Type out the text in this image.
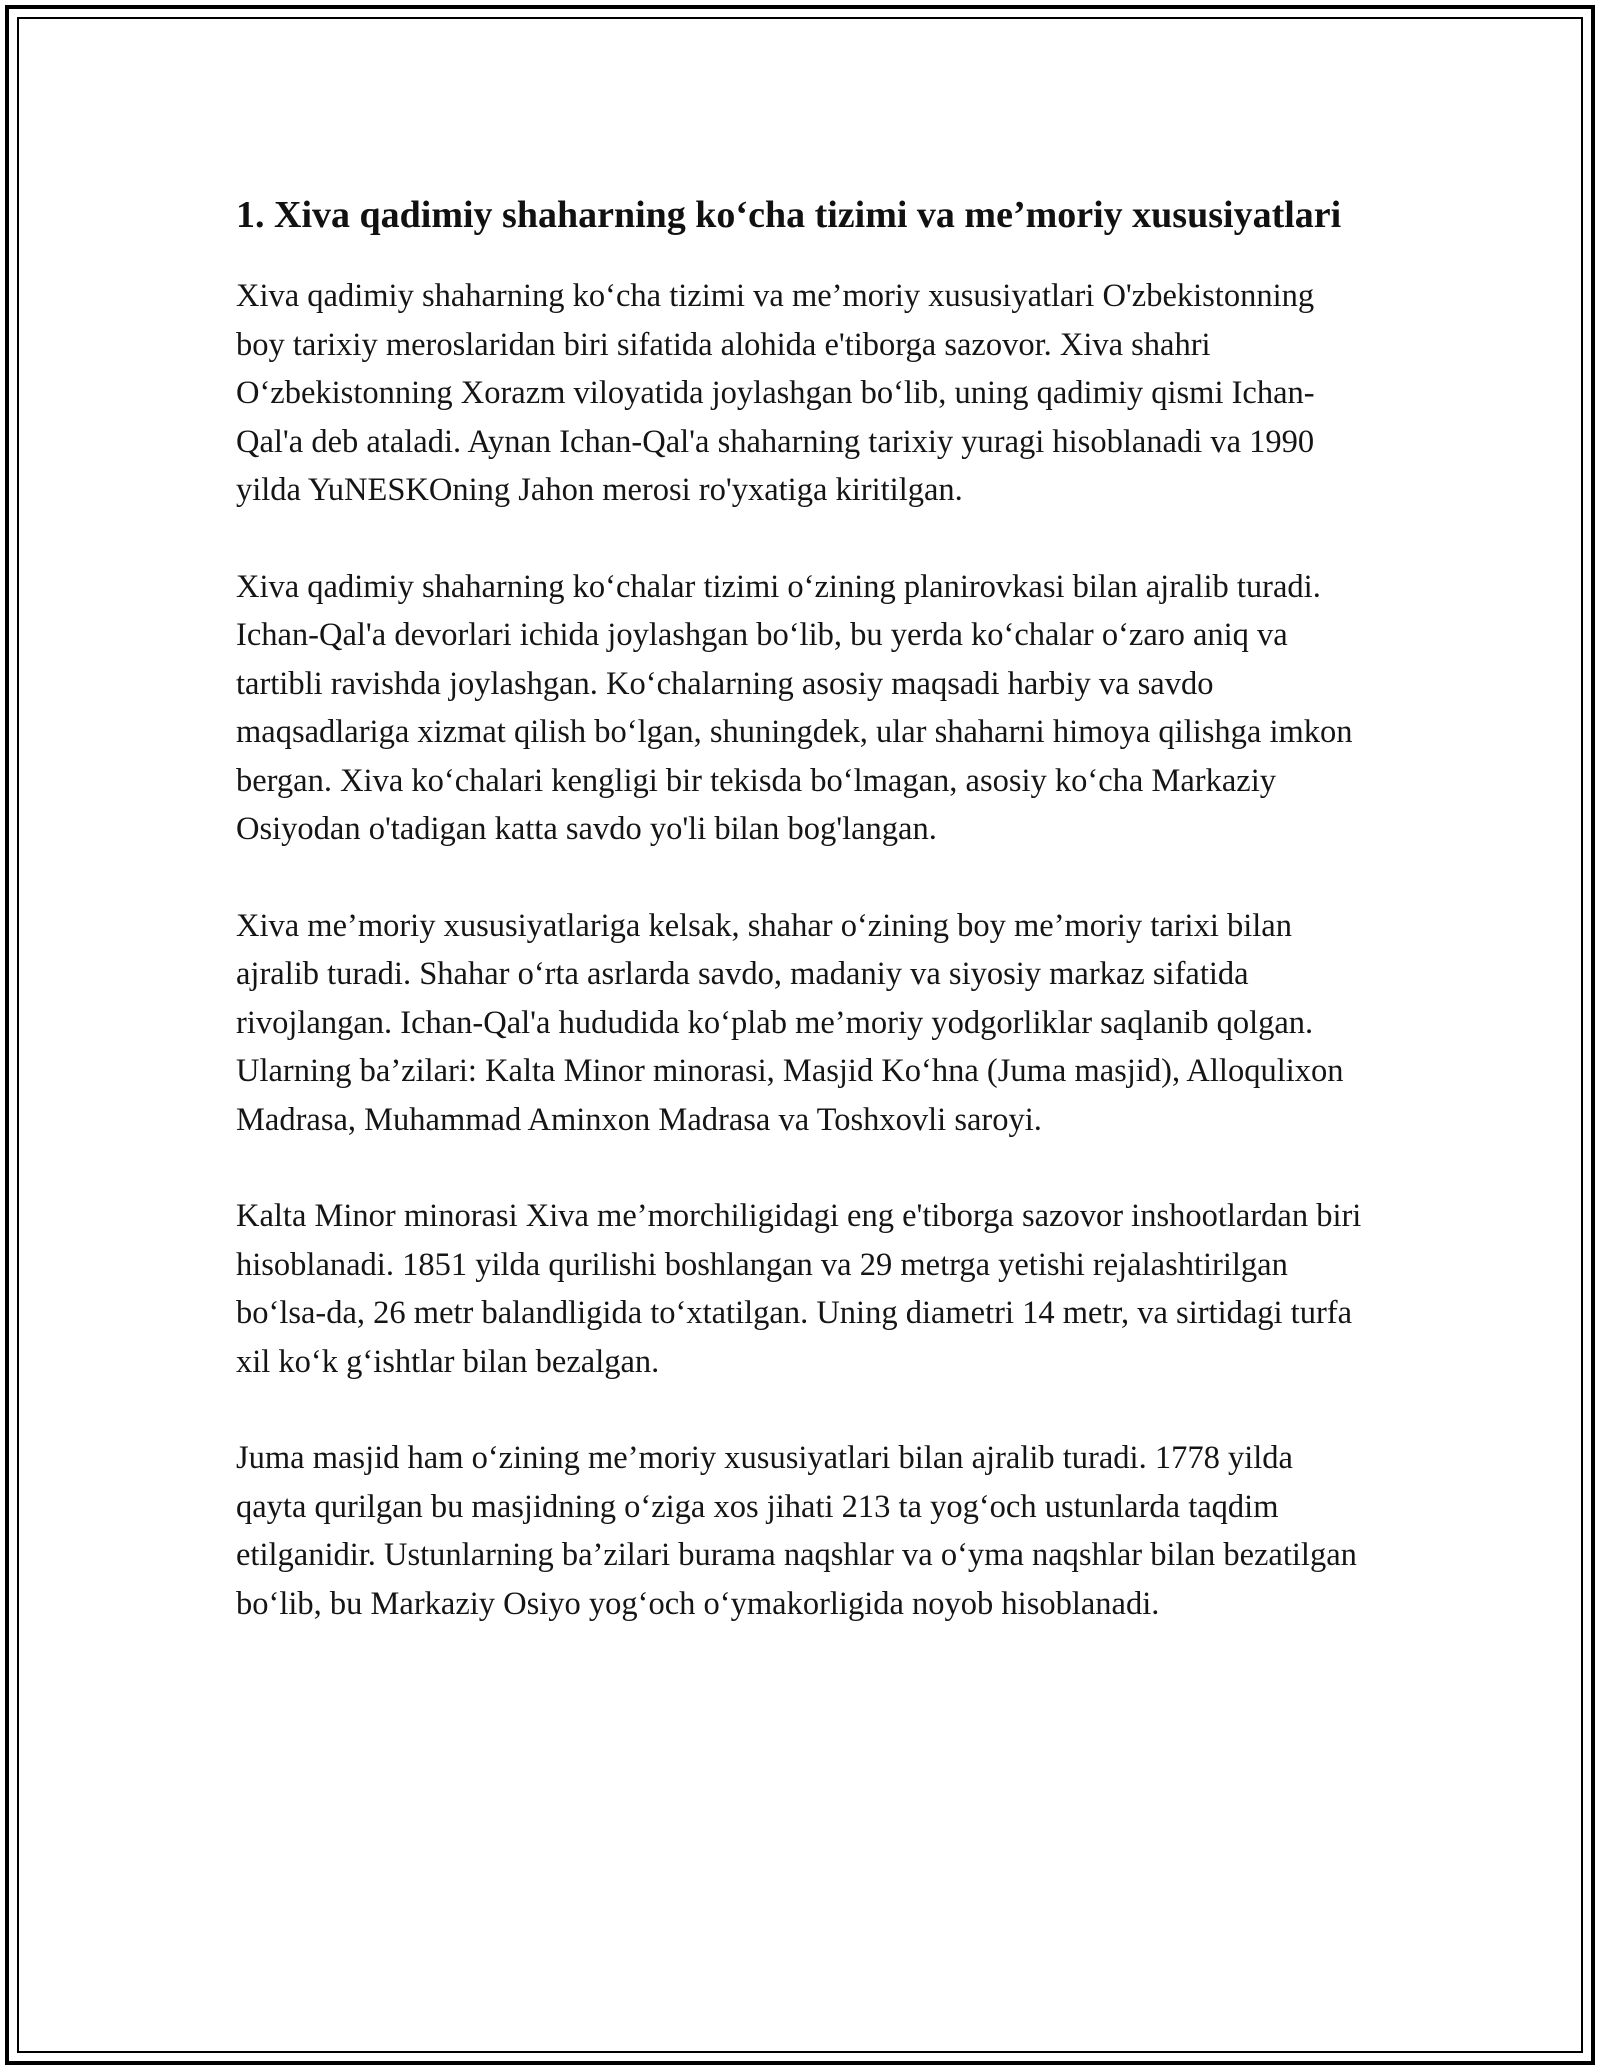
1. Xiva qadimiy shaharning ko‘cha tizimi va me’moriy xususiyatlari

Xiva qadimiy shaharning ko‘cha tizimi va me’moriy xususiyatlari O'zbekistonning boy tarixiy meroslaridan biri sifatida alohida e'tiborga sazovor. Xiva shahri O‘zbekistonning Xorazm viloyatida joylashgan bo‘lib, uning qadimiy qismi Ichan-Qal'a deb ataladi. Aynan Ichan-Qal'a shaharning tarixiy yuragi hisoblanadi va 1990 yilda YuNESKOning Jahon merosi ro'yxatiga kiritilgan.

Xiva qadimiy shaharning ko‘chalar tizimi o‘zining planirovkasi bilan ajralib turadi. Ichan-Qal'a devorlari ichida joylashgan bo‘lib, bu yerda ko‘chalar o‘zaro aniq va tartibli ravishda joylashgan. Ko‘chalarning asosiy maqsadi harbiy va savdo maqsadlariga xizmat qilish bo‘lgan, shuningdek, ular shaharni himoya qilishga imkon bergan. Xiva ko‘chalari kengligi bir tekisda bo‘lmagan, asosiy ko‘cha Markaziy Osiyodan o'tadigan katta savdo yo'li bilan bog'langan.

Xiva me’moriy xususiyatlariga kelsak, shahar o‘zining boy me’moriy tarixi bilan ajralib turadi. Shahar o‘rta asrlarda savdo, madaniy va siyosiy markaz sifatida rivojlangan. Ichan-Qal'a hududida ko‘plab me’moriy yodgorliklar saqlanib qolgan. Ularning ba’zilari: Kalta Minor minorasi, Masjid Ko‘hna (Juma masjid), Alloqulixon Madrasa, Muhammad Aminxon Madrasa va Toshxovli saroyi.

Kalta Minor minorasi Xiva me’morchiligidagi eng e'tiborga sazovor inshootlardan biri hisoblanadi. 1851 yilda qurilishi boshlangan va 29 metrga yetishi rejalashtirilgan bo‘lsa-da, 26 metr balandligida to‘xtatilgan. Uning diametri 14 metr, va sirtidagi turfa xil ko‘k g‘ishtlar bilan bezalgan.

Juma masjid ham o‘zining me’moriy xususiyatlari bilan ajralib turadi. 1778 yilda qayta qurilgan bu masjidning o‘ziga xos jihati 213 ta yog‘och ustunlarda taqdim etilganidir. Ustunlarning ba’zilari burama naqshlar va o‘yma naqshlar bilan bezatilgan bo‘lib, bu Markaziy Osiyo yog‘och o‘ymakorligida noyob hisoblanadi.
